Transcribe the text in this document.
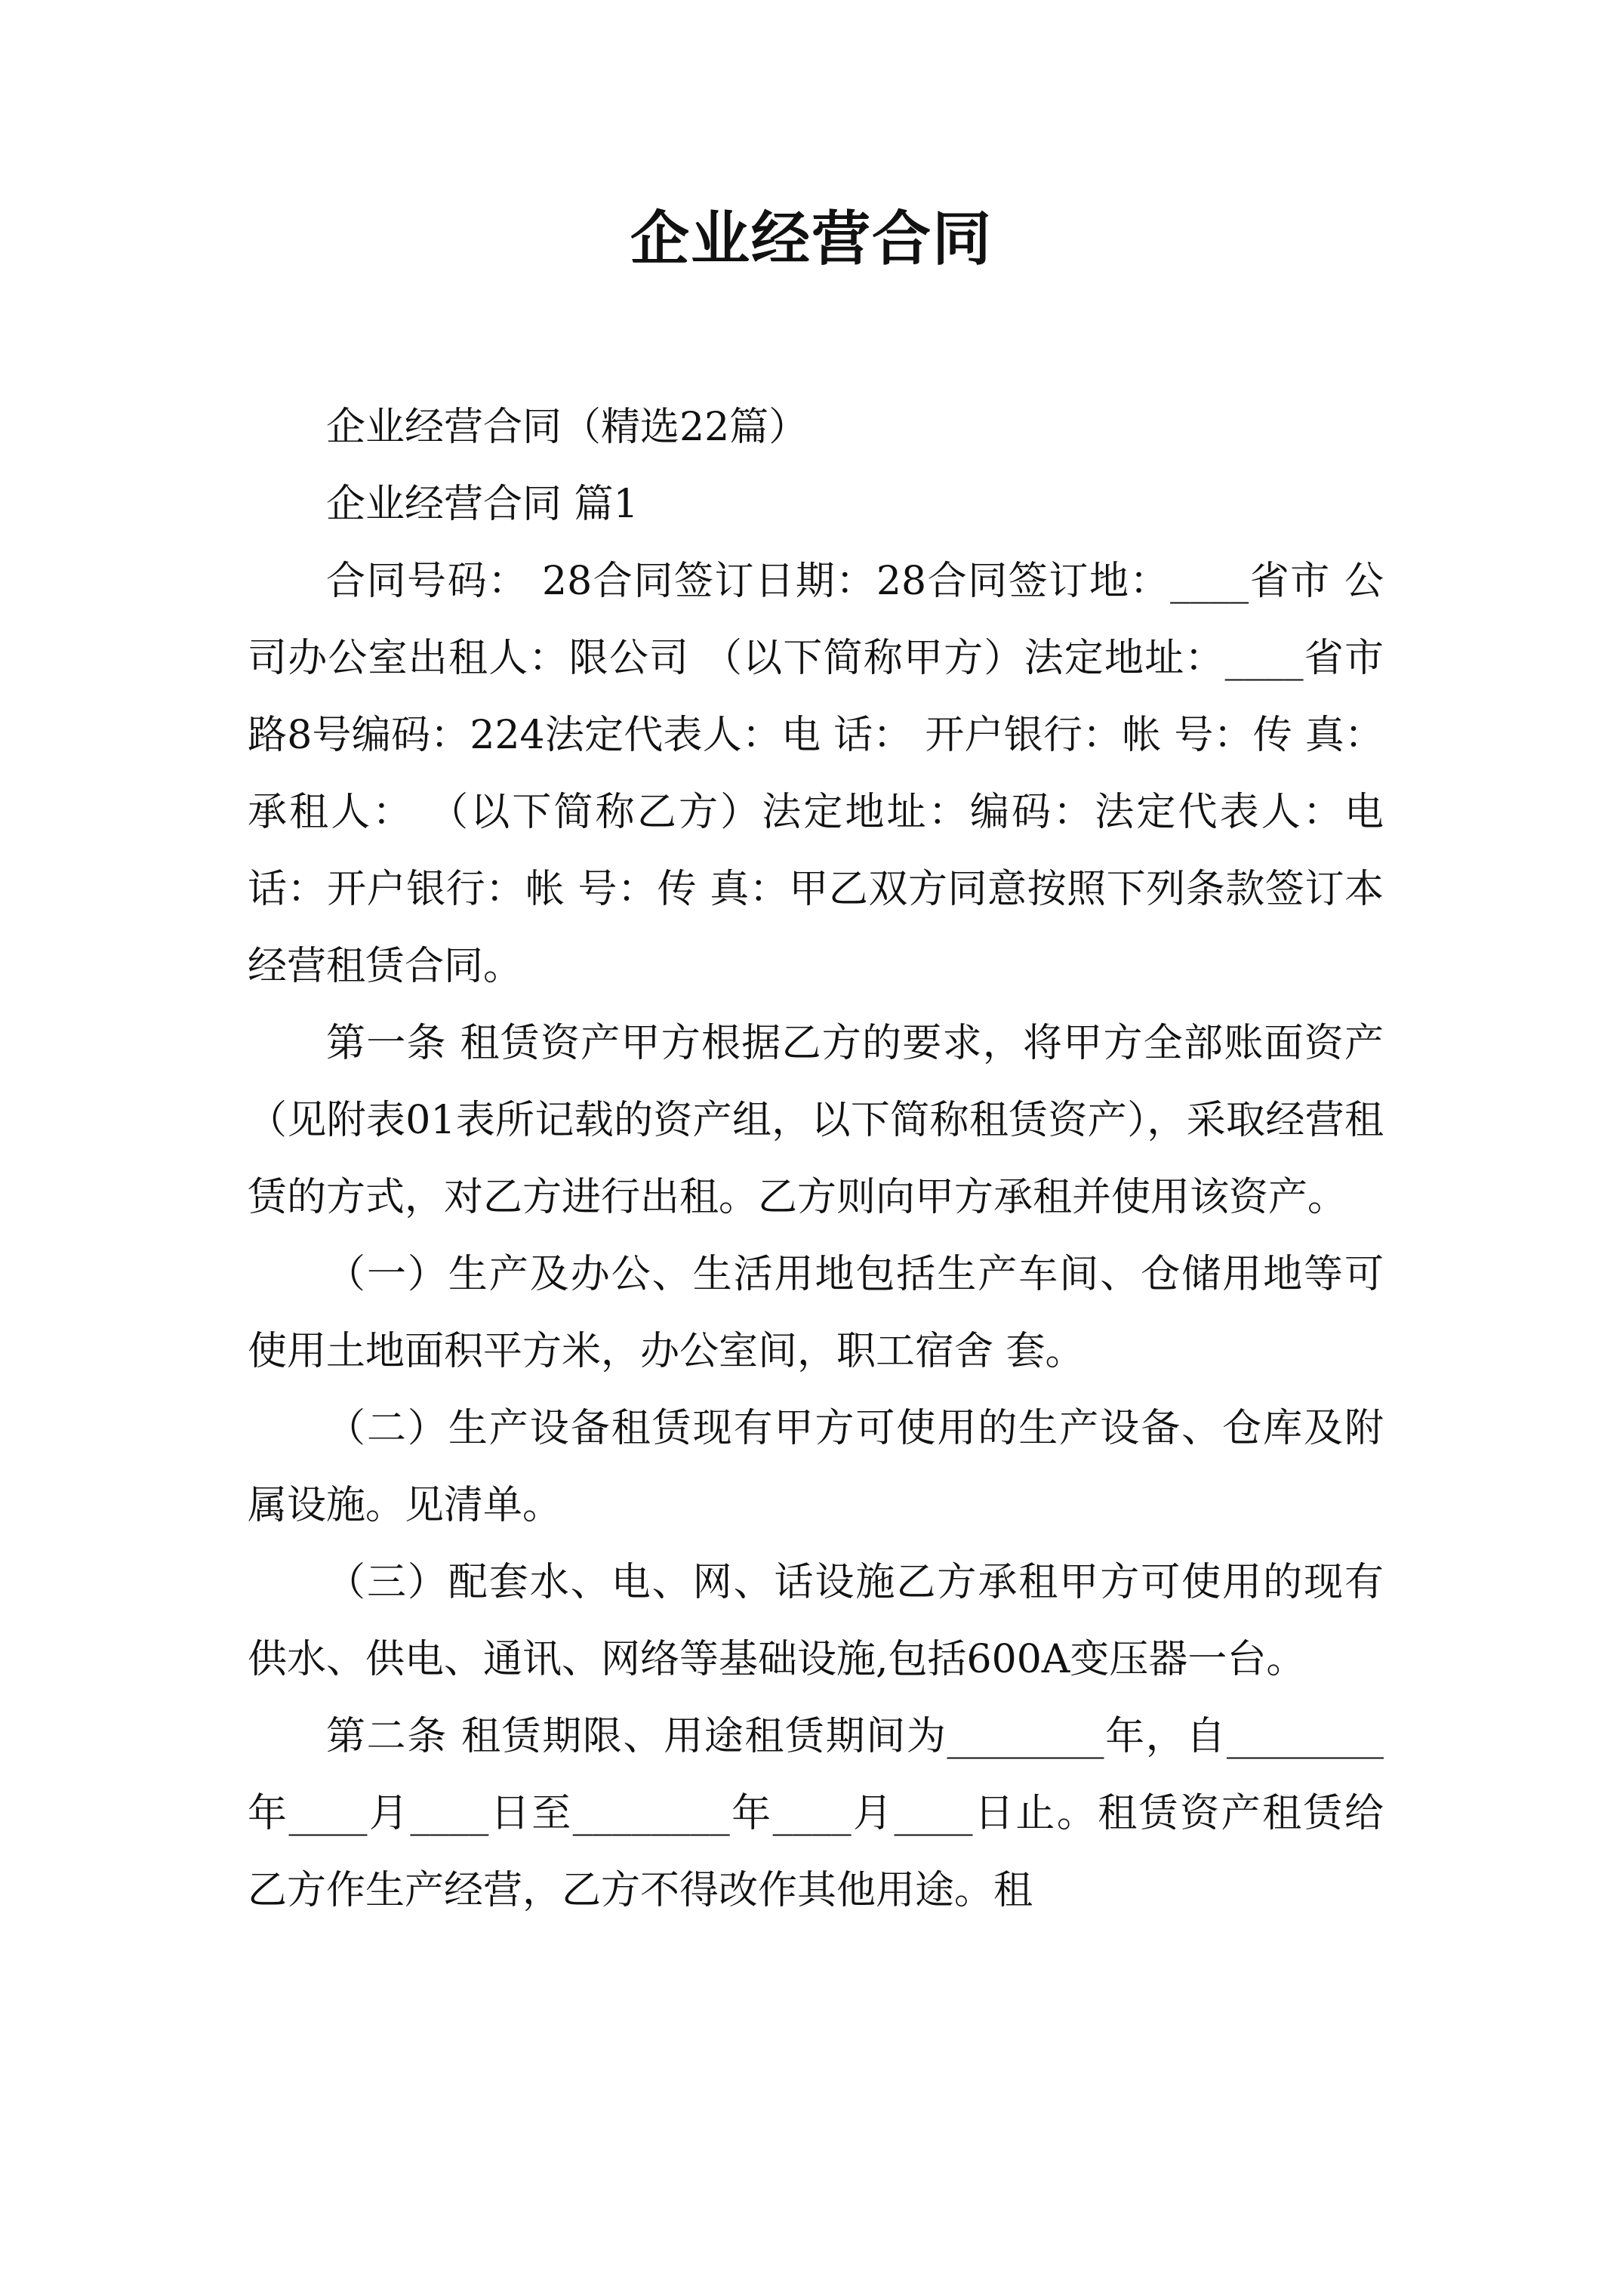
企业经营合同

企业经营合同（精选22篇）

企业经营合同 篇1

合同号码： 28合同签订日期：28合同签订地：____省市 公司办公室出租人：限公司 （以下简称甲方）法定地址：____省市路8号编码：224法定代表人：电 话： 开户银行：帐 号：传 真：承租人： （以下简称乙方）法定地址：编码：法定代表人：电 话：开户银行：帐 号：传 真：甲乙双方同意按照下列条款签订本经营租赁合同。

第一条 租赁资产甲方根据乙方的要求，将甲方全部账面资产（见附表01表所记载的资产组，以下简称租赁资产），采取经营租赁的方式，对乙方进行出租。乙方则向甲方承租并使用该资产。

（一）生产及办公、生活用地包括生产车间、仓储用地等可使用土地面积平方米，办公室间，职工宿舍 套。

（二）生产设备租赁现有甲方可使用的生产设备、仓库及附属设施。见清单。

（三）配套水、电、网、话设施乙方承租甲方可使用的现有供水、供电、通讯、网络等基础设施,包括600A变压器一台。

第二条 租赁期限、用途租赁期间为________年，自________年____月____日至________年____月____日止。租赁资产租赁给乙方作生产经营，乙方不得改作其他用途。租
